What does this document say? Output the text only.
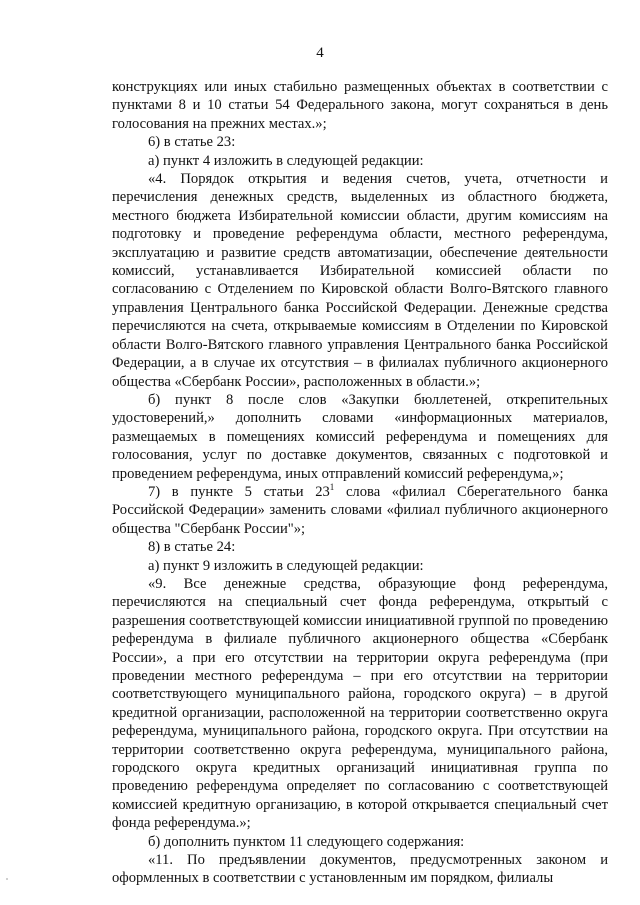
4

конструкциях или иных стабильно размещенных объектах в соответствии с пунктами 8 и 10 статьи 54 Федерального закона, могут сохраняться в день голосования на прежних местах.»;

6) в статье 23:

а) пункт 4 изложить в следующей редакции:

«4. Порядок открытия и ведения счетов, учета, отчетности и перечисления денежных средств, выделенных из областного бюджета, местного бюджета Избирательной комиссии области, другим комиссиям на подготовку и проведение референдума области, местного референдума, эксплуатацию и развитие средств автоматизации, обеспечение деятельности комиссий, устанавливается Избирательной комиссией области по согласованию с Отделением по Кировской области Волго-Вятского главного управления Центрального банка Российской Федерации. Денежные средства перечисляются на счета, открываемые комиссиям в Отделении по Кировской области Волго-Вятского главного управления Центрального банка Российской Федерации, а в случае их отсутствия – в филиалах публичного акционерного общества «Сбербанк России», расположенных в области.»;

б) пункт 8 после слов «Закупки бюллетеней, открепительных удостоверений,» дополнить словами «информационных материалов, размещаемых в помещениях комиссий референдума и помещениях для голосования, услуг по доставке документов, связанных с подготовкой и проведением референдума, иных отправлений комиссий референдума,»;

7) в пункте 5 статьи $23^1$ слова «филиал Сберегательного банка Российской Федерации» заменить словами «филиал публичного акционерного общества "Сбербанк России"»;

8) в статье 24:

а) пункт 9 изложить в следующей редакции:

«9. Все денежные средства, образующие фонд референдума, перечисляются на специальный счет фонда референдума, открытый с разрешения соответствующей комиссии инициативной группой по проведению референдума в филиале публичного акционерного общества «Сбербанк России», а при его отсутствии на территории округа референдума (при проведении местного референдума – при его отсутствии на территории соответствующего муниципального района, городского округа) – в другой кредитной организации, расположенной на территории соответственно округа референдума, муниципального района, городского округа. При отсутствии на территории соответственно округа референдума, муниципального района, городского округа кредитных организаций инициативная группа по проведению референдума определяет по согласованию с соответствующей комиссией кредитную организацию, в которой открывается специальный счет фонда референдума.»;

б) дополнить пунктом 11 следующего содержания:

«11. По предъявлении документов, предусмотренных законом и оформленных в соответствии с установленным им порядком, филиалы
